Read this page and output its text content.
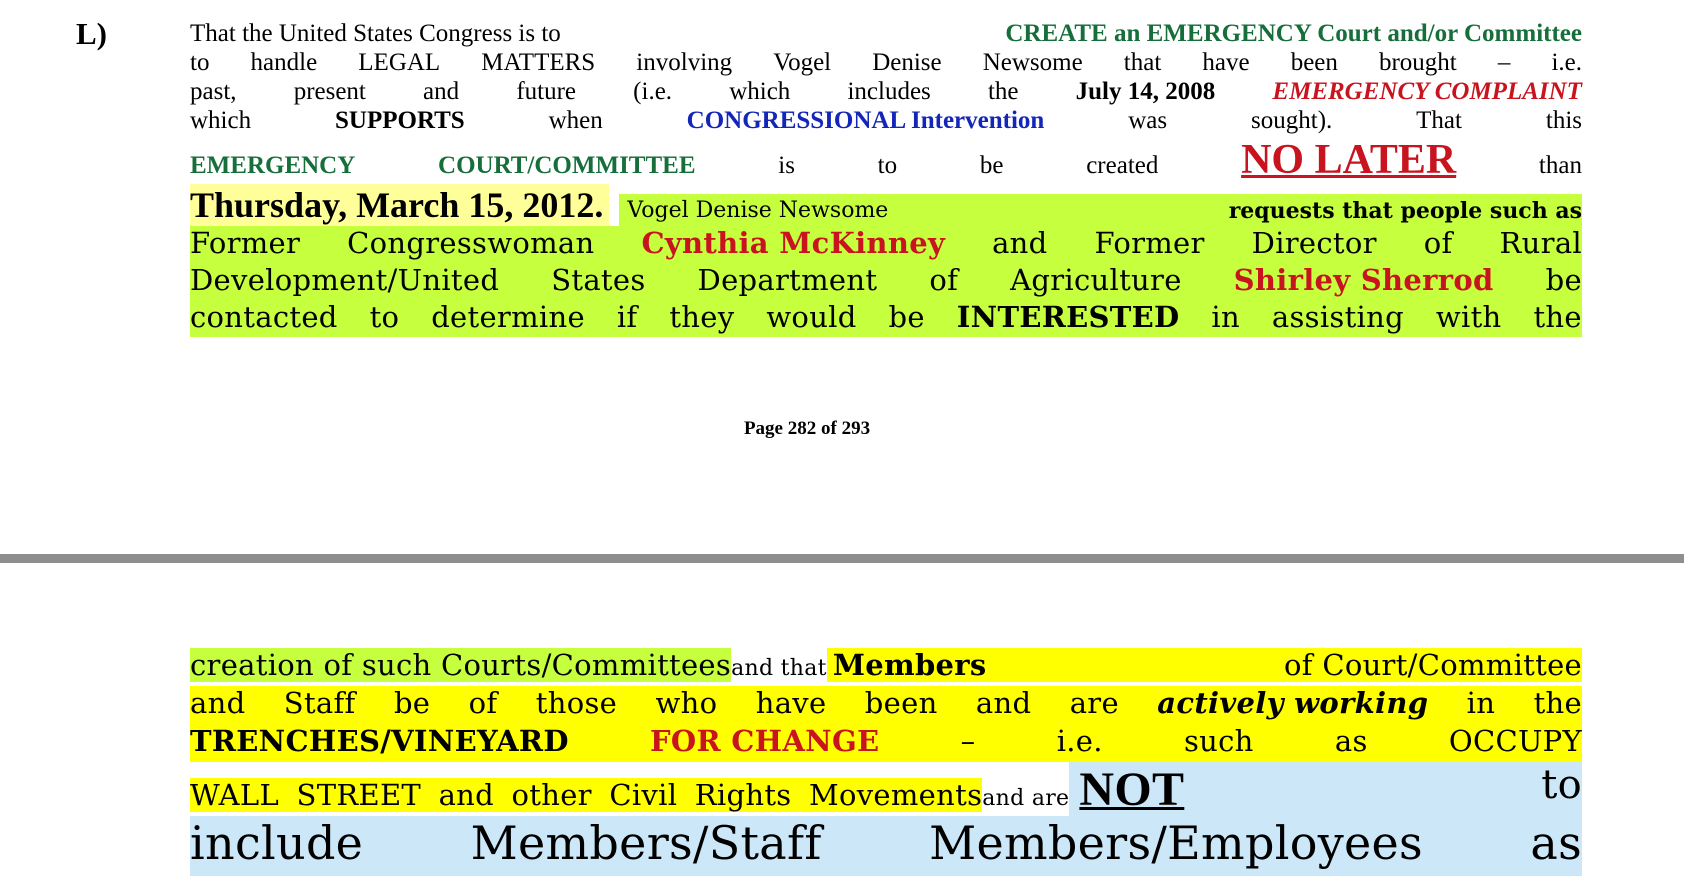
L)	That the United States Congress is to	CREATE an EMERGENCY Court and/or Committee
to handle LEGAL MATTERS involving Vogel Denise Newsome that have been brought – i.e.
past, present and future (i.e. which includes the July 14, 2008 EMERGENCY COMPLAINT
which	SUPPORTS	when	CONGRESSIONAL Intervention	was	sought).	That	this
EMERGENCY	COURT/COMMITTEE	is	to	be	created NO LATER	than
Thursday, March 15, 2012. Vogel Denise Newsome	requests that people such as
Former Congresswoman Cynthia McKinney and Former Director of Rural
Development/United States Department of Agriculture Shirley Sherrod be
contacted to determine if they would be INTERESTED in assisting with the
Page 282 of 293
creation of such Courts/Committees and that Members	of Court/Committee
and Staff be of those who have been and are actively working in the
TRENCHES/VINEYARD	FOR CHANGE	–	i.e.	such	as	OCCUPY
WALL STREET and other Civil Rights Movements and are NOT	to
include Members/Staff Members/Employees as
